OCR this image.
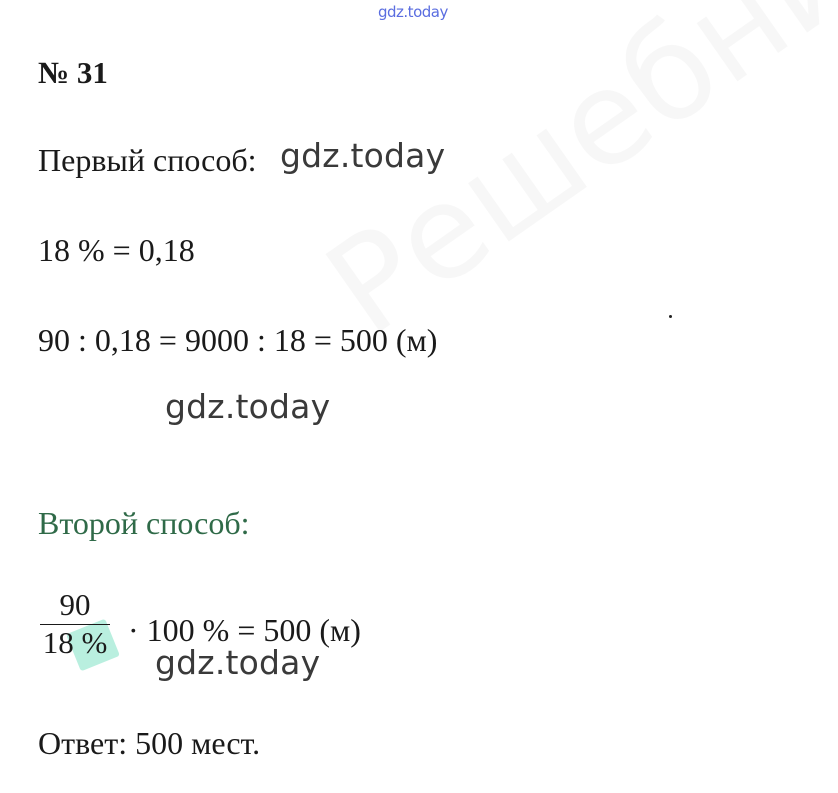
gdz.today
№ 31
Первый способ: gdz.today
18 % = 0,18
90 : 0,18 = 9000 : 18 = 500 (м)
gdz.today
Второй способ:
90
18 % · 100 % = 500 (м)
gdz.today
Ответ: 500 мест.
